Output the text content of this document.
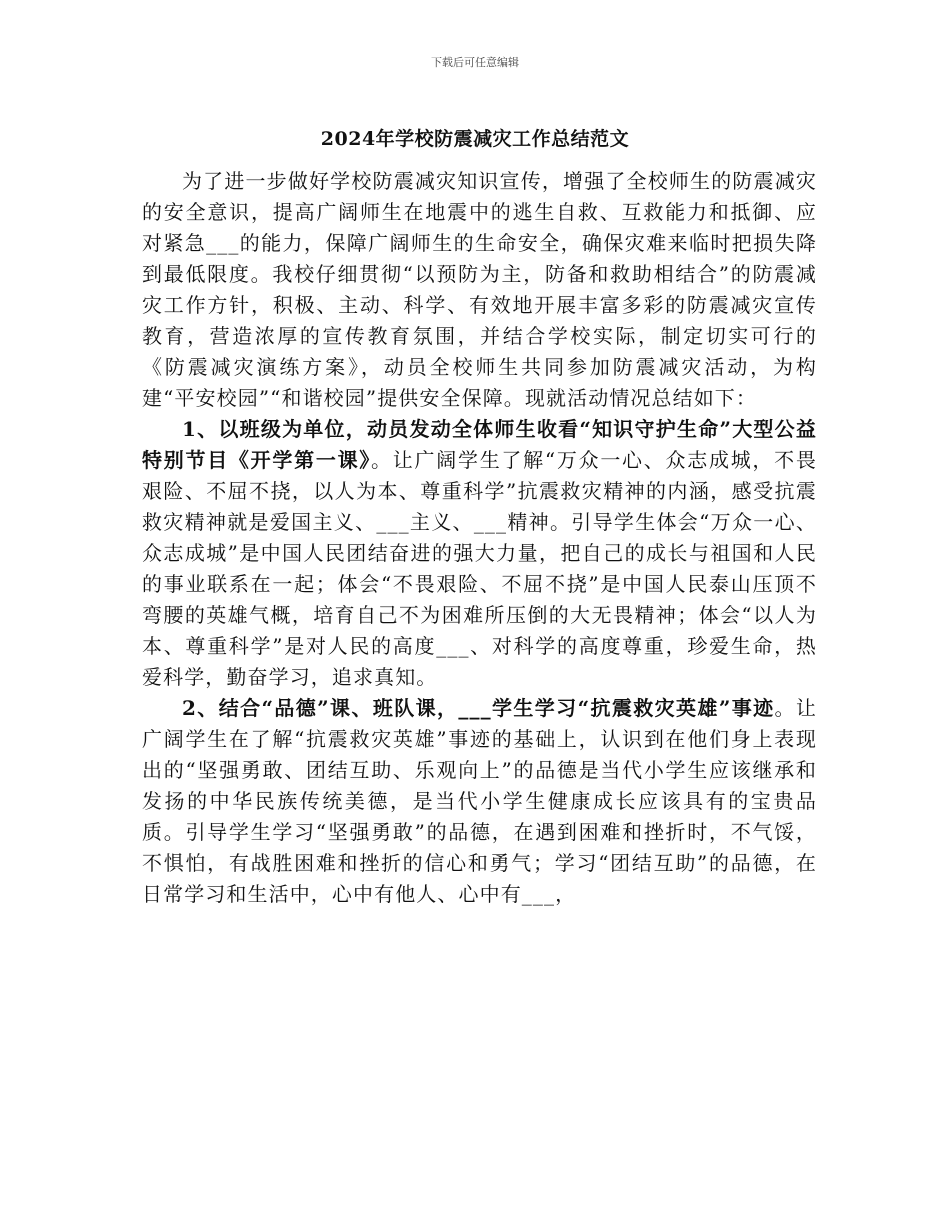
下载后可任意编辑
2024年学校防震减灾工作总结范文

为了进一步做好学校防震减灾知识宣传，增强了全校师生的防震减灾的安全意识，提高广阔师生在地震中的逃生自救、互救能力和抵御、应对紧急___的能力，保障广阔师生的生命安全，确保灾难来临时把损失降到最低限度。我校仔细贯彻“以预防为主，防备和救助相结合”的防震减灾工作方针，积极、主动、科学、有效地开展丰富多彩的防震减灾宣传教育，营造浓厚的宣传教育氛围，并结合学校实际，制定切实可行的《防震减灾演练方案》，动员全校师生共同参加防震减灾活动，为构建“平安校园”“和谐校园”提供安全保障。现就活动情况总结如下：

1、以班级为单位，动员发动全体师生收看“知识守护生命”大型公益特别节目《开学第一课》。让广阔学生了解“万众一心、众志成城，不畏艰险、不屈不挠，以人为本、尊重科学”抗震救灾精神的内涵，感受抗震救灾精神就是爱国主义、___主义、___精神。引导学生体会“万众一心、众志成城”是中国人民团结奋进的强大力量，把自己的成长与祖国和人民的事业联系在一起；体会“不畏艰险、不屈不挠”是中国人民泰山压顶不弯腰的英雄气概，培育自己不为困难所压倒的大无畏精神；体会“以人为本、尊重科学”是对人民的高度___、对科学的高度尊重，珍爱生命，热爱科学，勤奋学习，追求真知。

2、结合“品德”课、班队课，___学生学习“抗震救灾英雄”事迹。让广阔学生在了解“抗震救灾英雄”事迹的基础上，认识到在他们身上表现出的“坚强勇敢、团结互助、乐观向上”的品德是当代小学生应该继承和发扬的中华民族传统美德，是当代小学生健康成长应该具有的宝贵品质。引导学生学习“坚强勇敢”的品德，在遇到困难和挫折时，不气馁，不惧怕，有战胜困难和挫折的信心和勇气；学习“团结互助”的品德，在日常学习和生活中，心中有他人、心中有___，
